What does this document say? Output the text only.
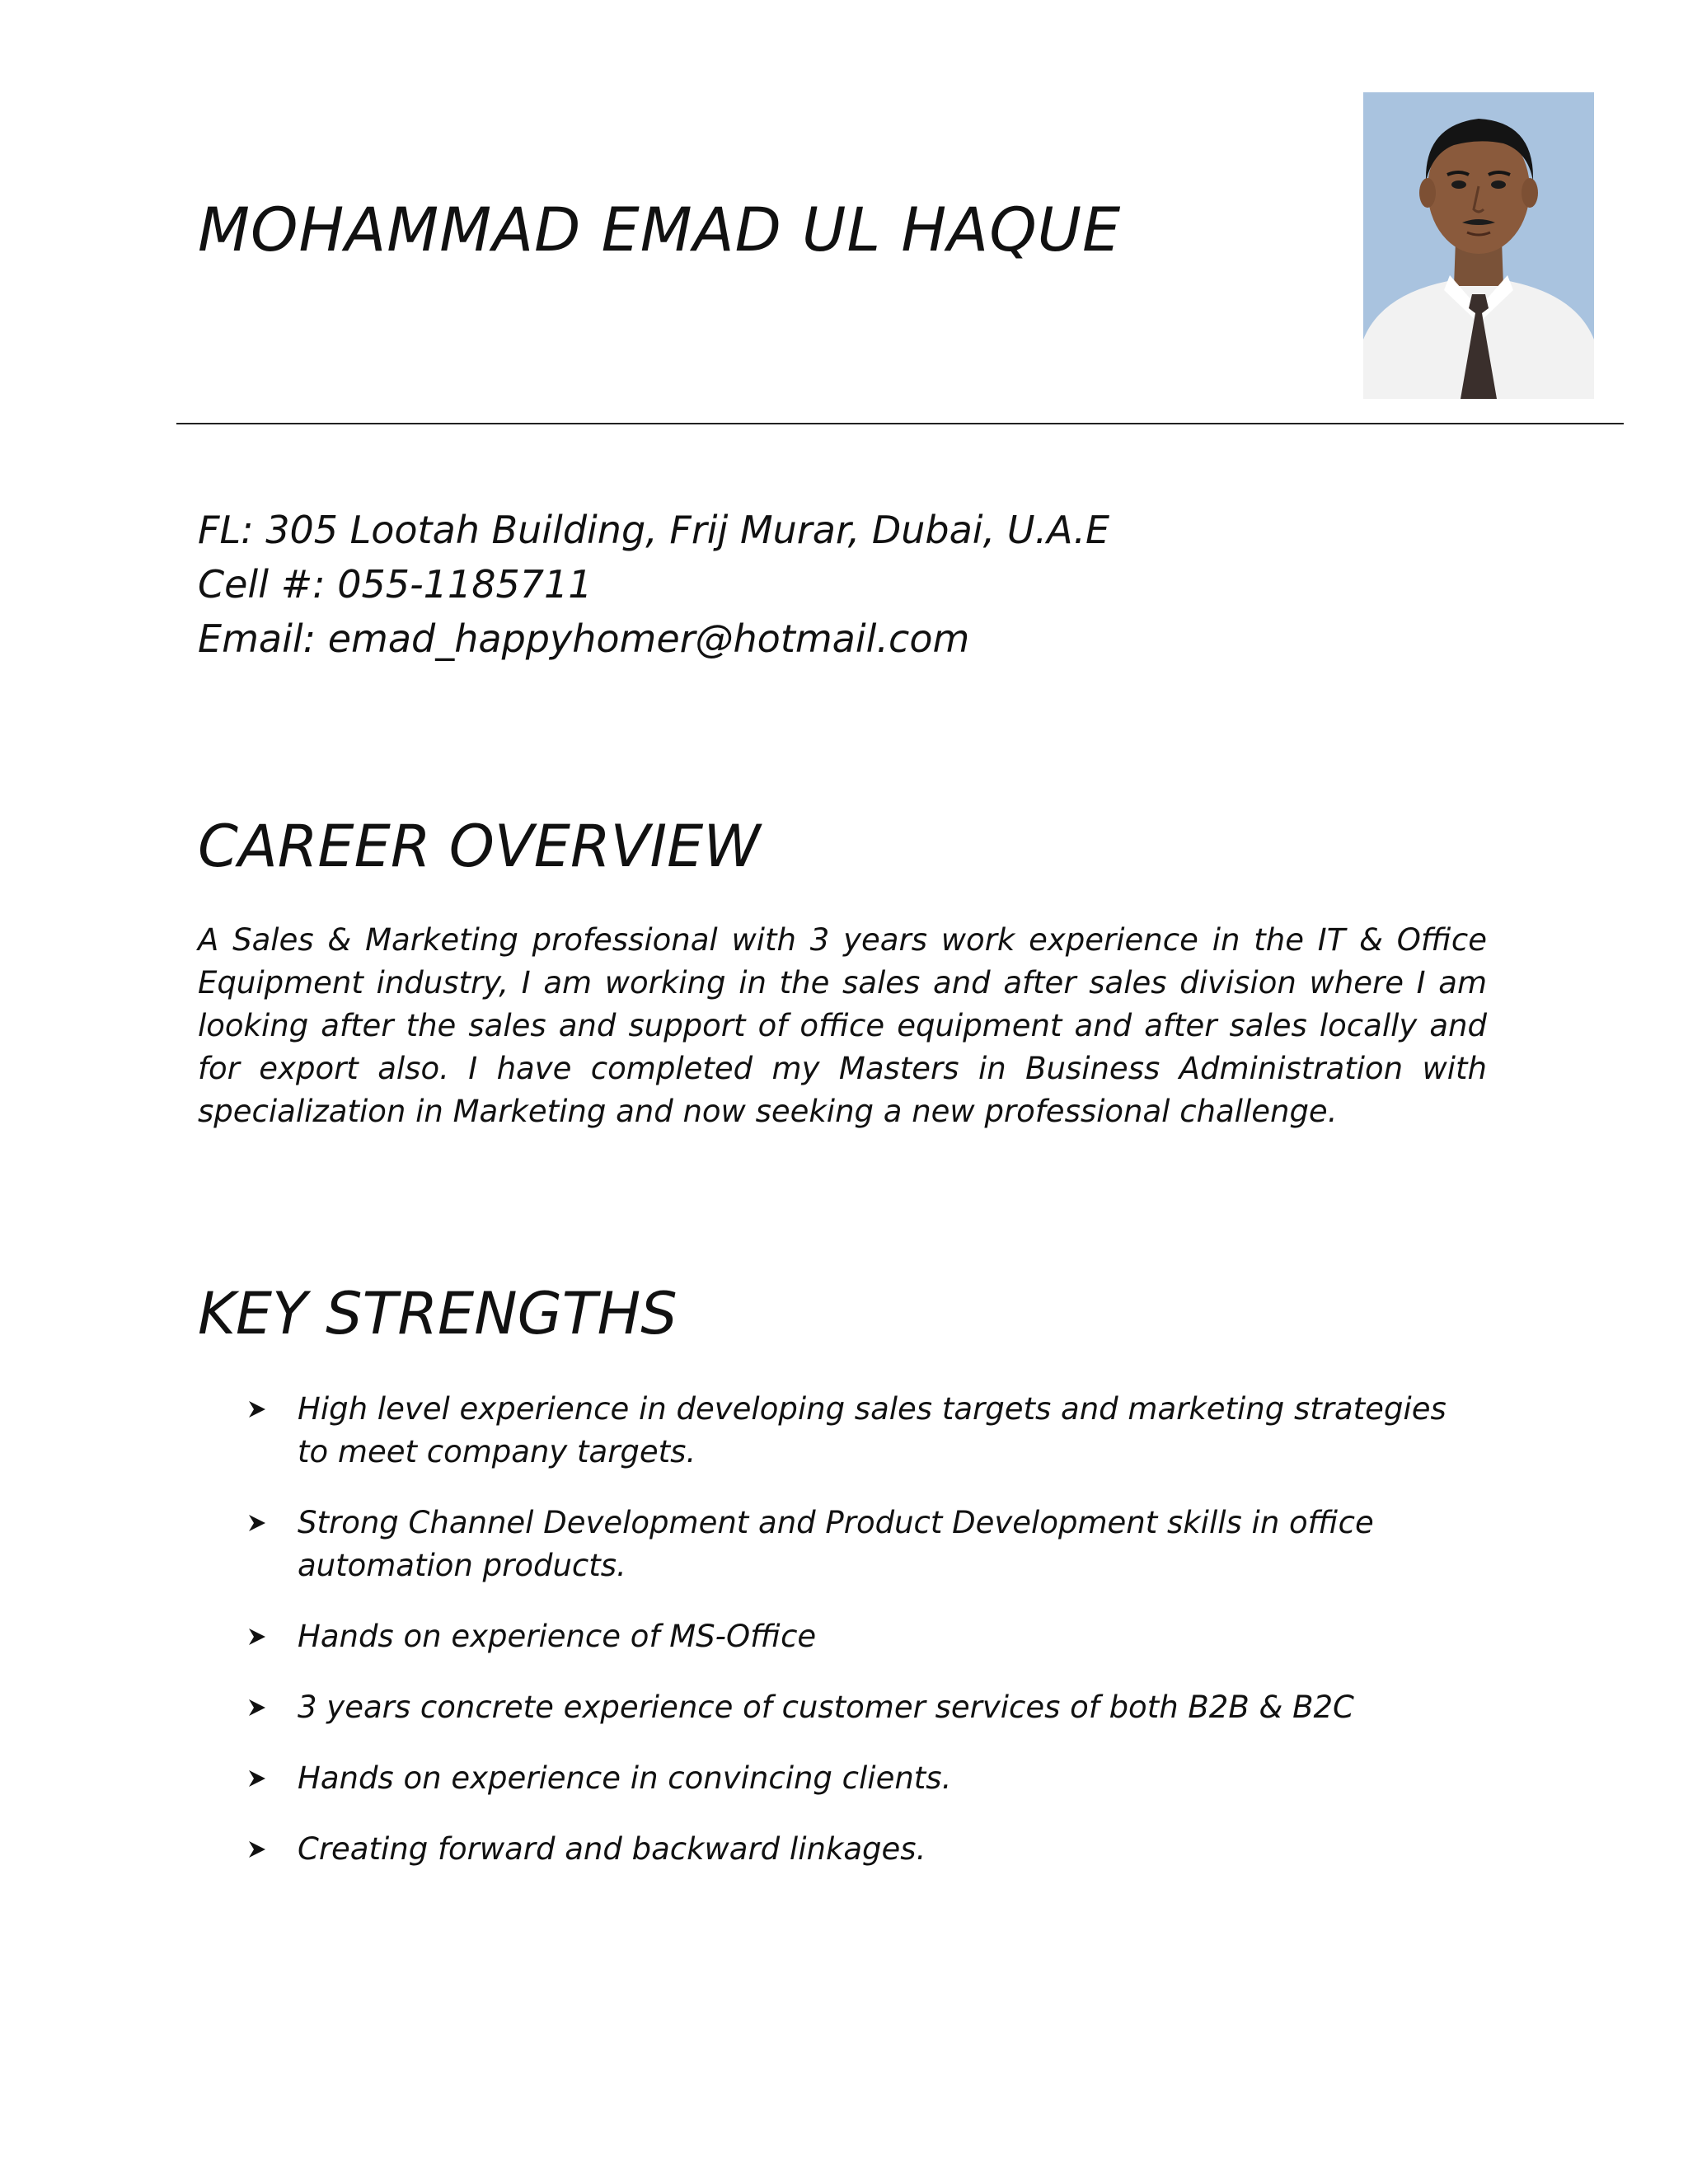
MOHAMMAD EMAD UL HAQUE
FL: 305 Lootah Building, Frij Murar, Dubai, U.A.E
Cell #: 055-1185711
Email: emad_happyhomer@hotmail.com
CAREER OVERVIEW

A Sales & Marketing professional with 3 years work experience in the IT & Office Equipment industry, I am working in the sales and after sales division where I am looking after the sales and support of office equipment and after sales locally and for export also. I have completed my Masters in Business Administration with specialization in Marketing and now seeking a new professional challenge.

KEY STRENGTHS
High level experience in developing sales targets and marketing strategies to meet company targets.
Strong Channel Development and Product Development skills in office automation products.
Hands on experience of MS-Office
3 years concrete experience of customer services of both B2B & B2C
Hands on experience in convincing clients.
Creating forward and backward linkages.
